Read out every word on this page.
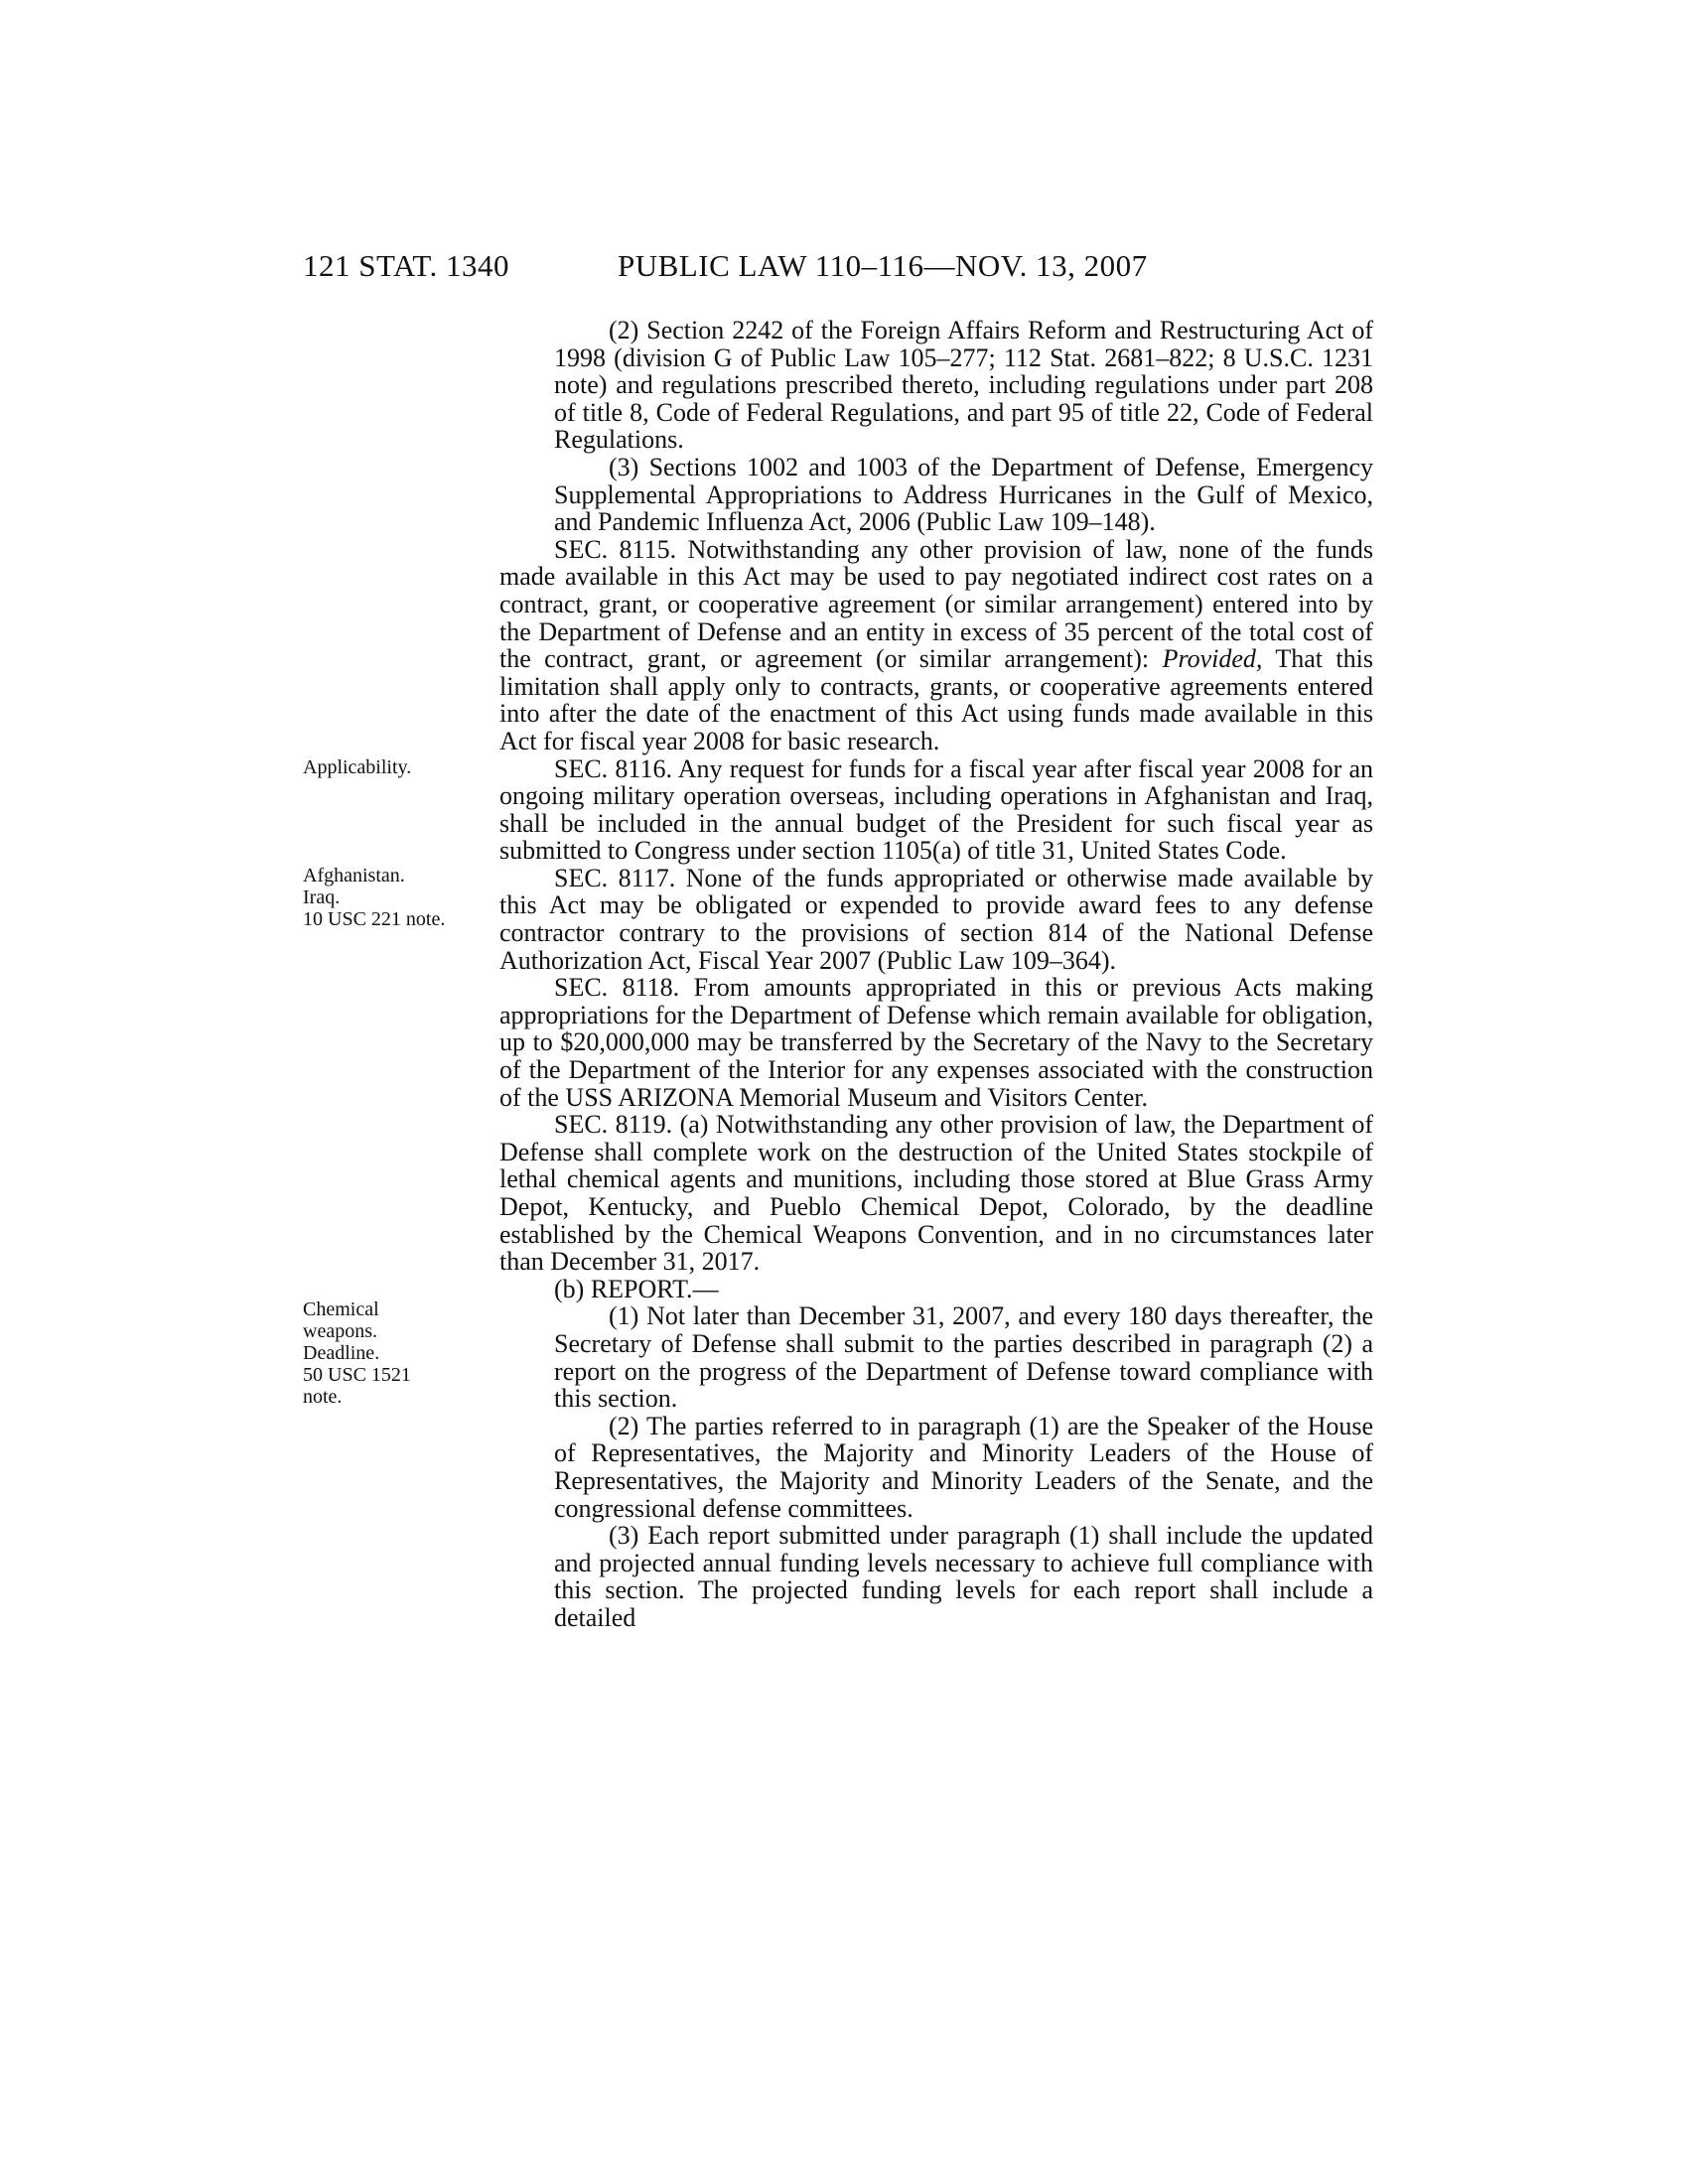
121 STAT. 1340	PUBLIC LAW 110–116—NOV. 13, 2007
Applicability.
Afghanistan.
Iraq.
10 USC 221 note.
Chemical
weapons.
Deadline.
50 USC 1521
note.

(2) Section 2242 of the Foreign Affairs Reform and Restructuring Act of 1998 (division G of Public Law 105–277; 112 Stat. 2681–822; 8 U.S.C. 1231 note) and regulations prescribed thereto, including regulations under part 208 of title 8, Code of Federal Regulations, and part 95 of title 22, Code of Federal Regulations.

(3) Sections 1002 and 1003 of the Department of Defense, Emergency Supplemental Appropriations to Address Hurricanes in the Gulf of Mexico, and Pandemic Influenza Act, 2006 (Public Law 109–148).

SEC. 8115. Notwithstanding any other provision of law, none of the funds made available in this Act may be used to pay negotiated indirect cost rates on a contract, grant, or cooperative agreement (or similar arrangement) entered into by the Department of Defense and an entity in excess of 35 percent of the total cost of the contract, grant, or agreement (or similar arrangement): Provided, That this limitation shall apply only to contracts, grants, or cooperative agreements entered into after the date of the enactment of this Act using funds made available in this Act for fiscal year 2008 for basic research.

SEC. 8116. Any request for funds for a fiscal year after fiscal year 2008 for an ongoing military operation overseas, including operations in Afghanistan and Iraq, shall be included in the annual budget of the President for such fiscal year as submitted to Congress under section 1105(a) of title 31, United States Code.

SEC. 8117. None of the funds appropriated or otherwise made available by this Act may be obligated or expended to provide award fees to any defense contractor contrary to the provisions of section 814 of the National Defense Authorization Act, Fiscal Year 2007 (Public Law 109–364).

SEC. 8118. From amounts appropriated in this or previous Acts making appropriations for the Department of Defense which remain available for obligation, up to $20,000,000 may be transferred by the Secretary of the Navy to the Secretary of the Department of the Interior for any expenses associated with the construction of the USS ARIZONA Memorial Museum and Visitors Center.

SEC. 8119. (a) Notwithstanding any other provision of law, the Department of Defense shall complete work on the destruction of the United States stockpile of lethal chemical agents and munitions, including those stored at Blue Grass Army Depot, Kentucky, and Pueblo Chemical Depot, Colorado, by the deadline established by the Chemical Weapons Convention, and in no circumstances later than December 31, 2017.

(b) REPORT.—

(1) Not later than December 31, 2007, and every 180 days thereafter, the Secretary of Defense shall submit to the parties described in paragraph (2) a report on the progress of the Department of Defense toward compliance with this section.

(2) The parties referred to in paragraph (1) are the Speaker of the House of Representatives, the Majority and Minority Leaders of the House of Representatives, the Majority and Minority Leaders of the Senate, and the congressional defense committees.

(3) Each report submitted under paragraph (1) shall include the updated and projected annual funding levels necessary to achieve full compliance with this section. The projected funding levels for each report shall include a detailed
